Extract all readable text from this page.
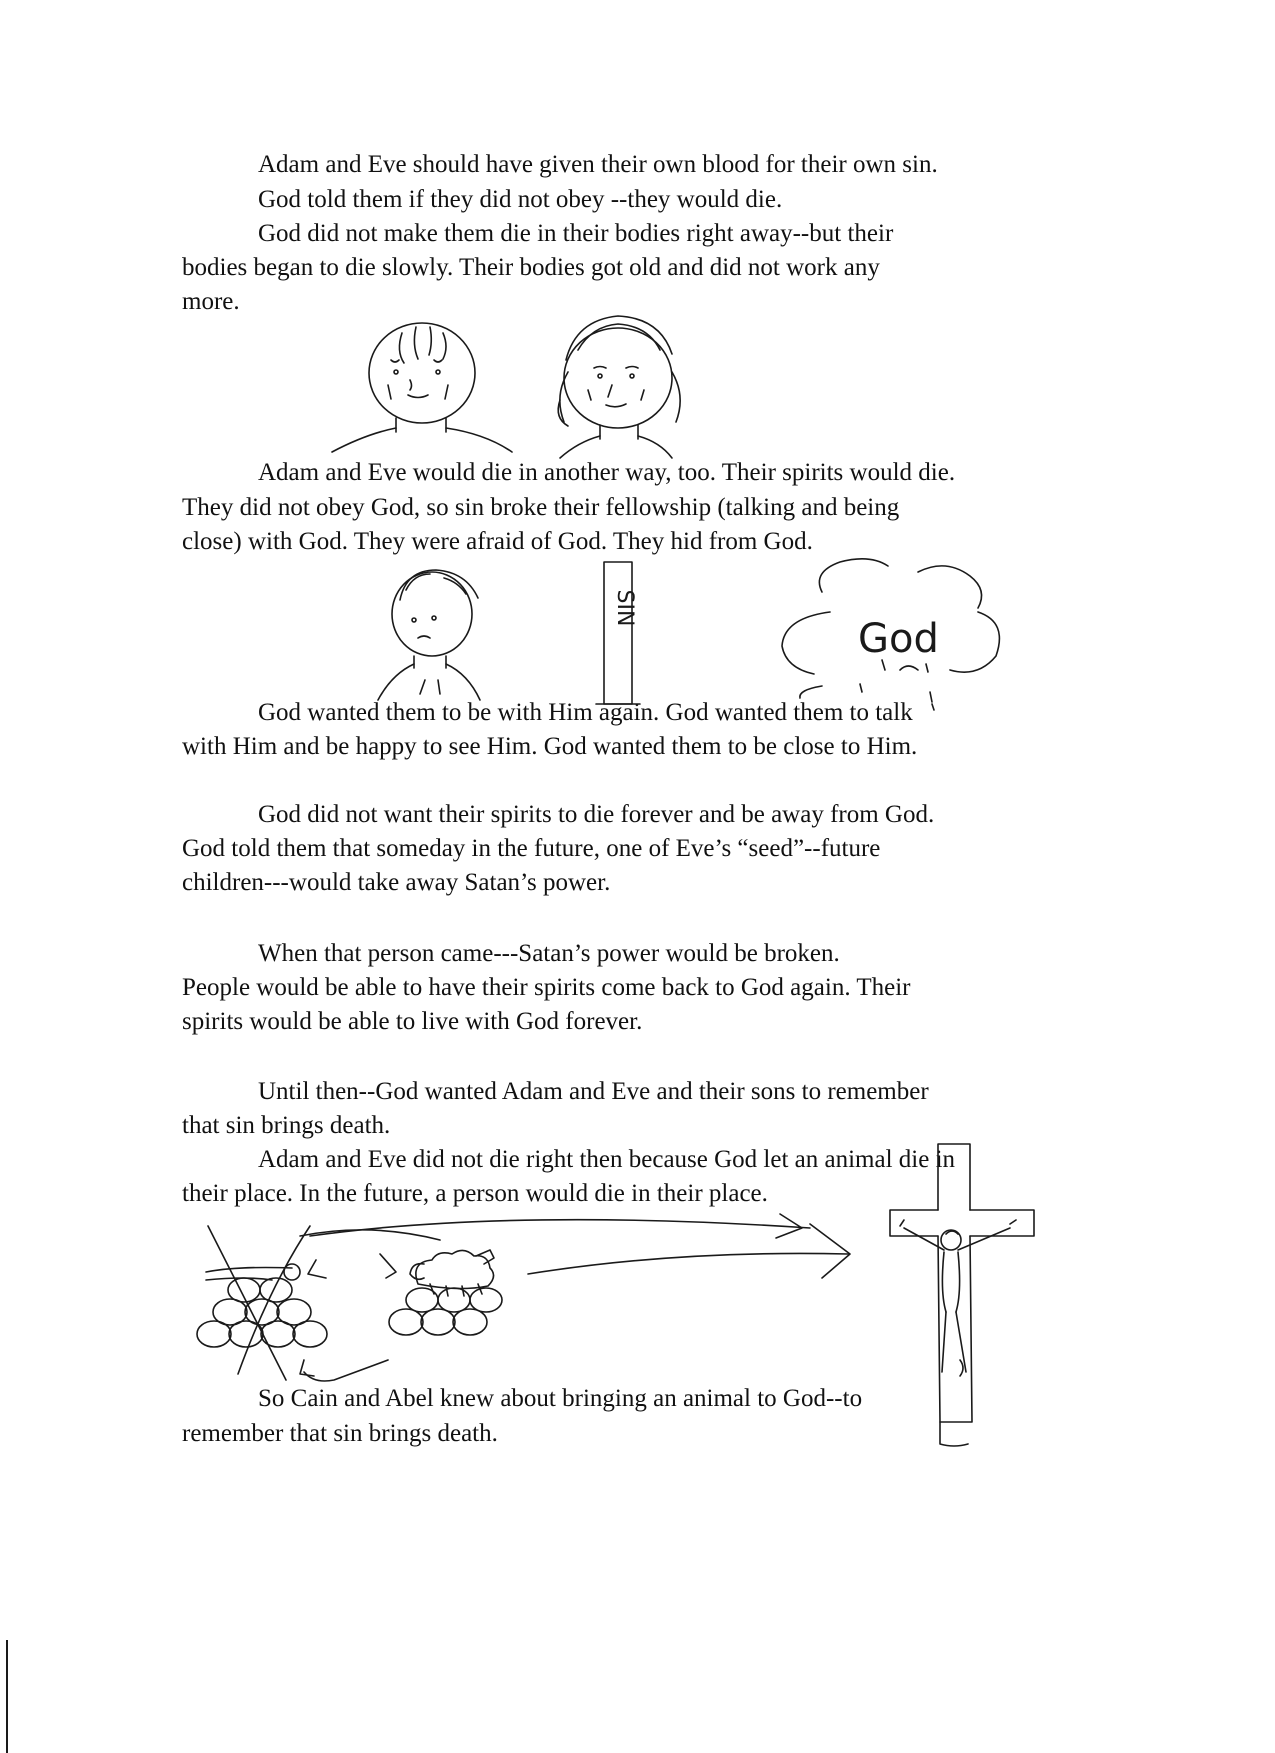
Adam and Eve should have given their own blood for their own sin.
God told them if they did not obey --they would die.
God did not make them die in their bodies right away--but their
bodies began to die slowly. Their bodies got old and did not work any
more.
Adam and Eve would die in another way, too. Their spirits would die.
They did not obey God, so sin broke their fellowship (talking and being
close) with God. They were afraid of God. They hid from God.
God wanted them to be with Him again. God wanted them to talk
with Him and be happy to see Him. God wanted them to be close to Him.
God did not want their spirits to die forever and be away from God.
God told them that someday in the future, one of Eve’s “seed”--future
children---would take away Satan’s power.
When that person came---Satan’s power would be broken.
People would be able to have their spirits come back to God again. Their
spirits would be able to live with God forever.
Until then--God wanted Adam and Eve and their sons to remember
that sin brings death.
Adam and Eve did not die right then because God let an animal die in
their place. In the future, a person would die in their place.
So Cain and Abel knew about bringing an animal to God--to
remember that sin brings death.
SIN
God
